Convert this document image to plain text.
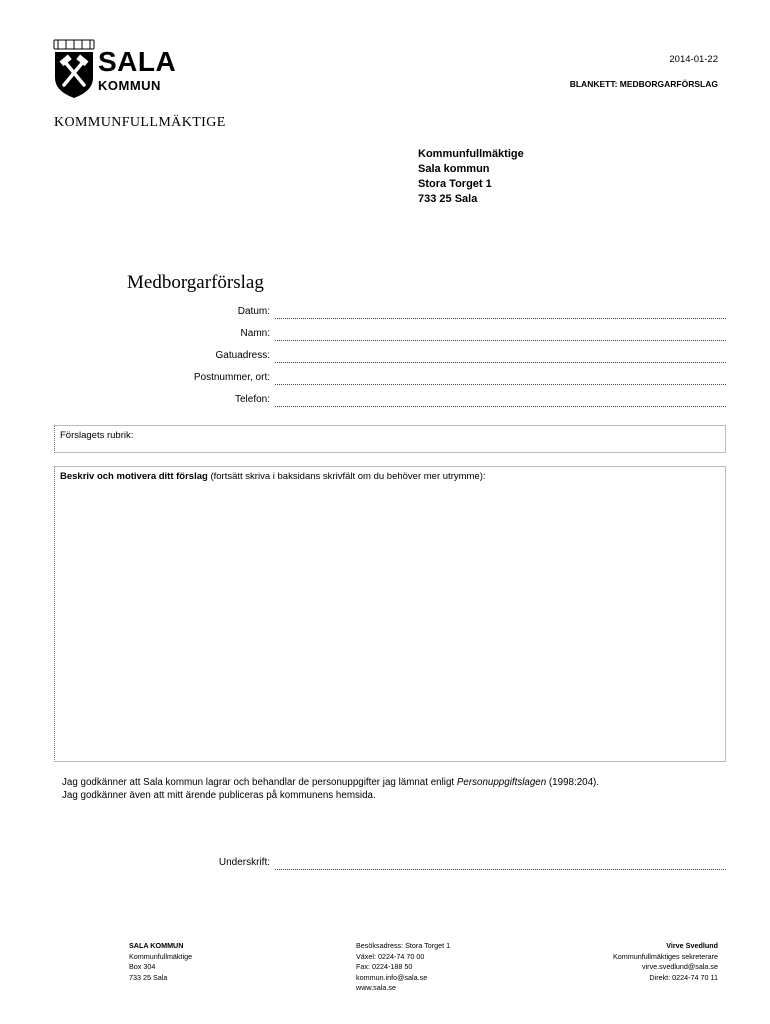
SALA
KOMMUN
2014-01-22
BLANKETT: MEDBORGARFÖRSLAG
KOMMUNFULLMÄKTIGE
Kommunfullmäktige
Sala kommun
Stora Torget 1
733 25 Sala
Medborgarförslag
Datum:
Namn:
Gatuadress:
Postnummer, ort:
Telefon:
Förslagets rubrik:
Beskriv och motivera ditt förslag (fortsätt skriva i baksidans skrivfält om du behöver mer utrymme):
Jag godkänner att Sala kommun lagrar och behandlar de personuppgifter jag lämnat enligt Personuppgiftslagen (1998:204).
Jag godkänner även att mitt ärende publiceras på kommunens hemsida.
Underskrift:
SALA KOMMUN
Kommunfullmäktige
Box 304
733 25 Sala
Besöksadress: Stora Torget 1
Växel: 0224-74 70 00
Fax: 0224-188 50
kommun.info@sala.se
www.sala.se
Virve Svedlund
Kommunfullmäktiges sekreterare
virve.svedlund@sala.se
Direkt: 0224-74 70 11
